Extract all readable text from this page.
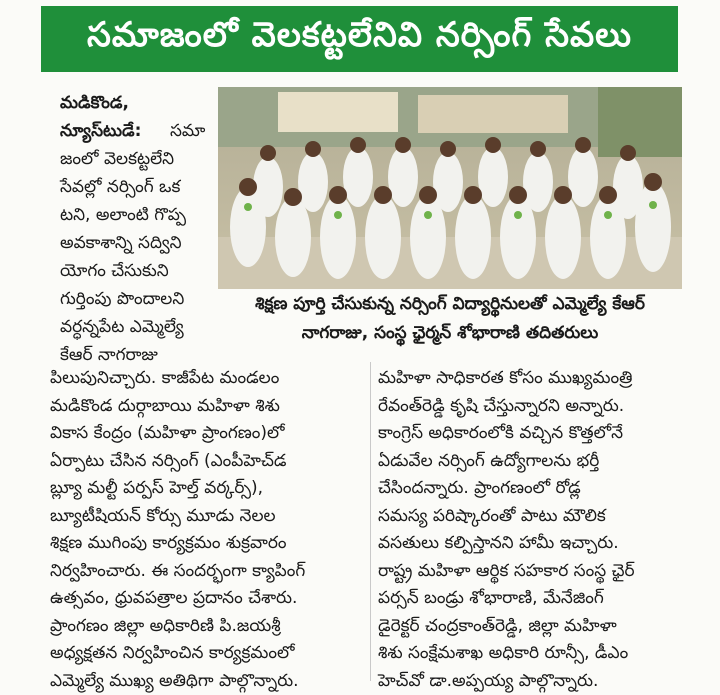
సమాజంలో వెలకట్టలేనివి నర్సింగ్ సేవలు

మడికొండ,

న్యూస్‌టుడే: సమా

జంలో వెలకట్టలేని

సేవల్లో నర్సింగ్ ఒక

టని, అలాంటి గొప్ప

అవకాశాన్ని సద్విని

యోగం చేసుకుని

గుర్తింపు పొందాలని

వర్ధన్నపేట ఎమ్మెల్యే

కేఆర్ నాగరాజు

శిక్షణ పూర్తి చేసుకున్న నర్సింగ్ విద్యార్థినులతో ఎమ్మెల్యే కేఆర్

నాగరాజు, సంస్థ ఛైర్మన్ శోభారాణి తదితరులు

పిలుపునిచ్చారు. కాజీపేట మండలం

మడికొండ దుర్గాబాయి మహిళా శిశు

వికాస కేంద్రం (మహిళా ప్రాంగణం)లో

ఏర్పాటు చేసిన నర్సింగ్ (ఎంపీహెచ్‌డ

బ్ల్యూ మల్టీ పర్పస్ హెల్త్ వర్కర్స్),

బ్యూటీషియన్ కోర్సు మూడు నెలల

శిక్షణ ముగింపు కార్యక్రమం శుక్రవారం

నిర్వహించారు. ఈ సందర్భంగా క్యాపింగ్

ఉత్సవం, ధ్రువపత్రాల ప్రదానం చేశారు.

ప్రాంగణం జిల్లా అధికారిణి పి.జయశ్రీ

అధ్యక్షతన నిర్వహించిన కార్యక్రమంలో

ఎమ్మెల్యే ముఖ్య అతిథిగా పాల్గొన్నారు.

మహిళా సాధికారత కోసం ముఖ్యమంత్రి

రేవంత్‌రెడ్డి కృషి చేస్తున్నారని అన్నారు.

కాంగ్రెస్ అధికారంలోకి వచ్చిన కొత్తలోనే

ఏడువేల నర్సింగ్ ఉద్యోగాలను భర్తీ

చేసిందన్నారు. ప్రాంగణంలో రోడ్ల

సమస్య పరిష్కారంతో పాటు మౌలిక

వసతులు కల్పిస్తానని హామీ ఇచ్చారు.

రాష్ట్ర మహిళా ఆర్థిక సహకార సంస్థ ఛైర్

పర్సన్ బండ్రు శోభారాణి, మేనేజింగ్

డైరెక్టర్ చంద్రకాంత్‌రెడ్డి, జిల్లా మహిళా

శిశు సంక్షేమశాఖ అధికారి రూన్సీ, డీఎం

హెచ్‌వో డా.అప్పయ్య పాల్గొన్నారు.
